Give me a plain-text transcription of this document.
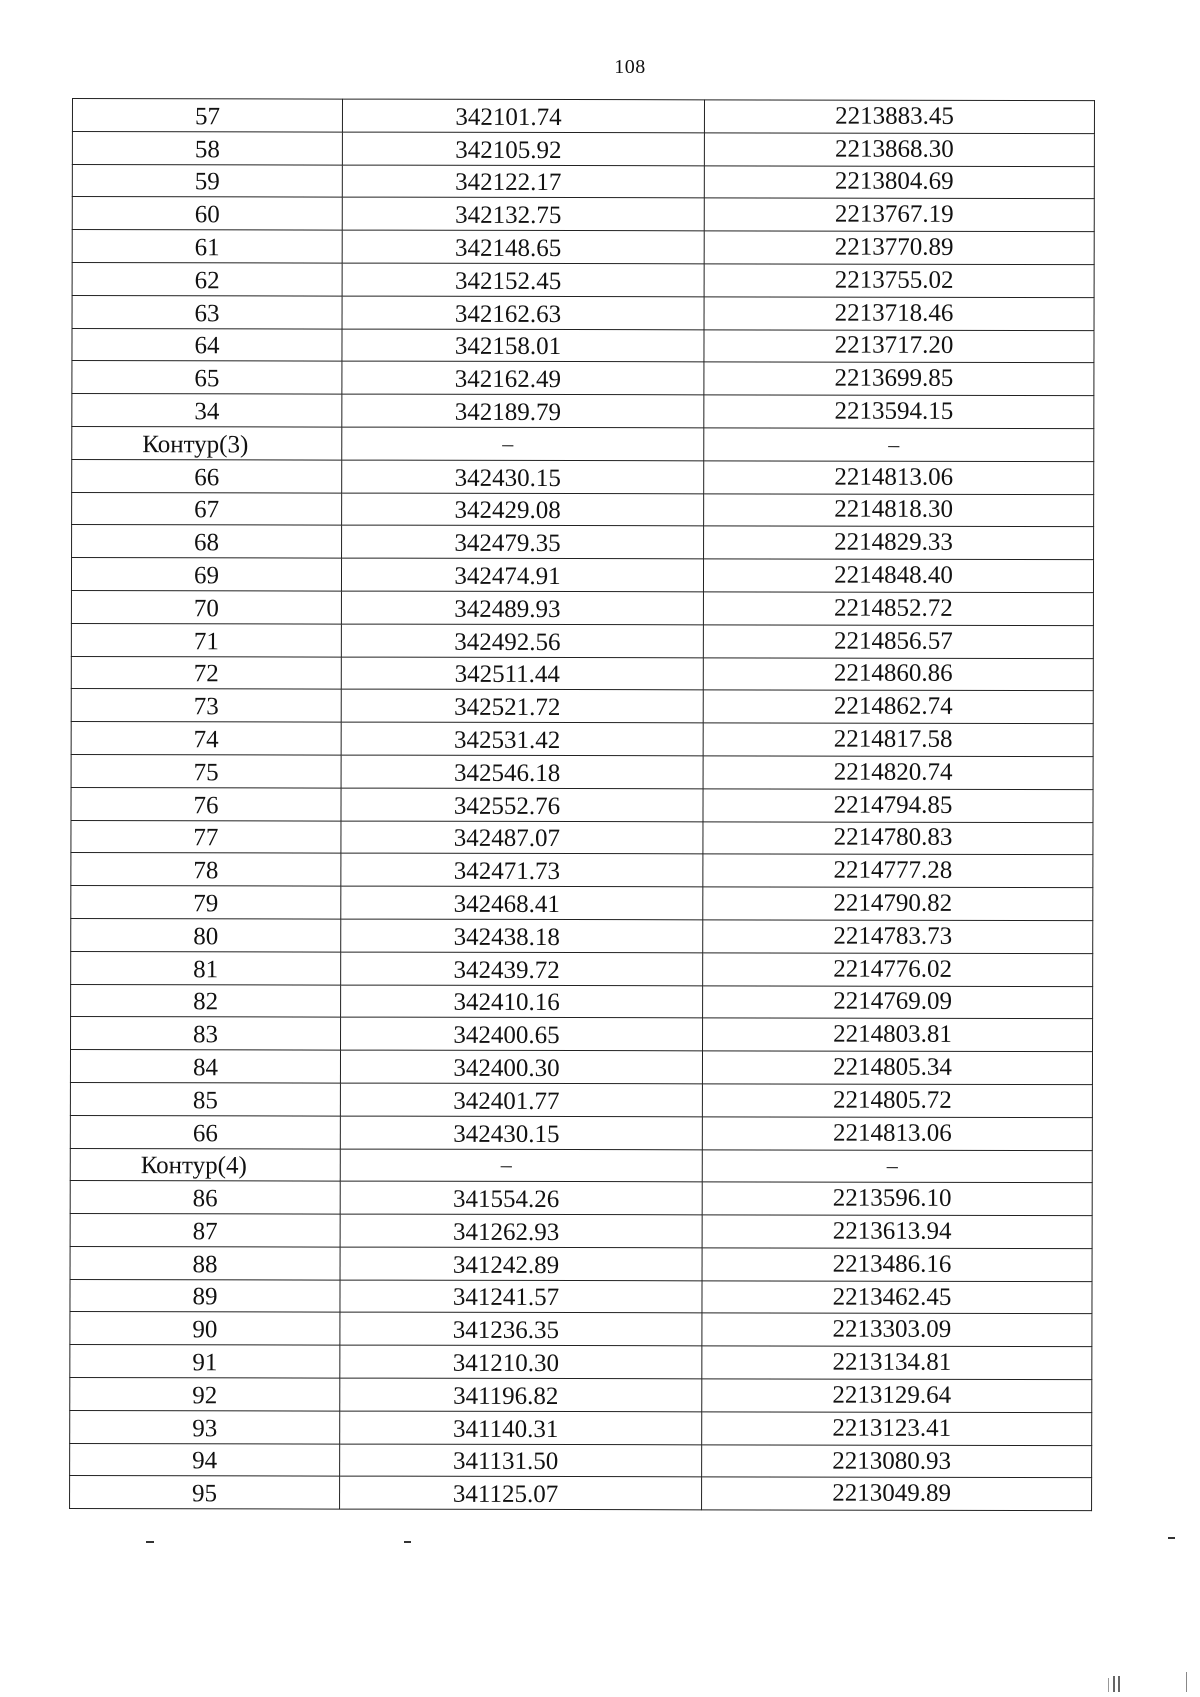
108
57	342101.74	2213883.45
58	342105.92	2213868.30
59	342122.17	2213804.69
60	342132.75	2213767.19
61	342148.65	2213770.89
62	342152.45	2213755.02
63	342162.63	2213718.46
64	342158.01	2213717.20
65	342162.49	2213699.85
34	342189.79	2213594.15
Контур(3)	–	–
66	342430.15	2214813.06
67	342429.08	2214818.30
68	342479.35	2214829.33
69	342474.91	2214848.40
70	342489.93	2214852.72
71	342492.56	2214856.57
72	342511.44	2214860.86
73	342521.72	2214862.74
74	342531.42	2214817.58
75	342546.18	2214820.74
76	342552.76	2214794.85
77	342487.07	2214780.83
78	342471.73	2214777.28
79	342468.41	2214790.82
80	342438.18	2214783.73
81	342439.72	2214776.02
82	342410.16	2214769.09
83	342400.65	2214803.81
84	342400.30	2214805.34
85	342401.77	2214805.72
66	342430.15	2214813.06
Контур(4)	–	–
86	341554.26	2213596.10
87	341262.93	2213613.94
88	341242.89	2213486.16
89	341241.57	2213462.45
90	341236.35	2213303.09
91	341210.30	2213134.81
92	341196.82	2213129.64
93	341140.31	2213123.41
94	341131.50	2213080.93
95	341125.07	2213049.89
